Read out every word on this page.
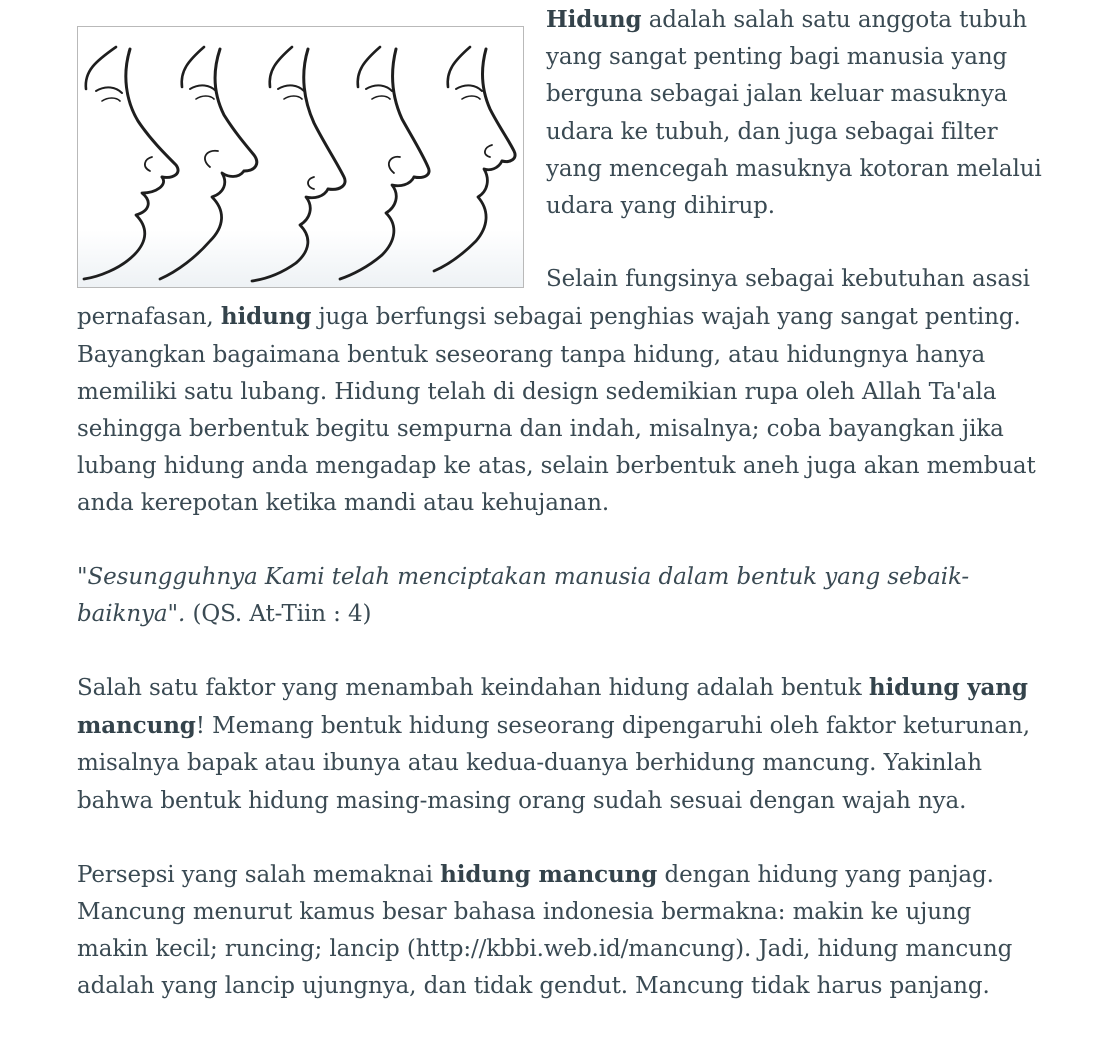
Hidung adalah salah satu anggota tubuh yang sangat penting bagi manusia yang berguna sebagai jalan keluar masuknya udara ke tubuh, dan juga sebagai filter yang mencegah masuknya kotoran melalui udara yang dihirup.

Selain fungsinya sebagai kebutuhan asasi pernafasan, hidung juga berfungsi sebagai penghias wajah yang sangat penting. Bayangkan bagaimana bentuk seseorang tanpa hidung, atau hidungnya hanya memiliki satu lubang. Hidung telah di design sedemikian rupa oleh Allah Ta'ala sehingga berbentuk begitu sempurna dan indah, misalnya; coba bayangkan jika lubang hidung anda mengadap ke atas, selain berbentuk aneh juga akan membuat anda kerepotan ketika mandi atau kehujanan.

"Sesungguhnya Kami telah menciptakan manusia dalam bentuk yang sebaik-baiknya". (QS. At-Tiin : 4)

Salah satu faktor yang menambah keindahan hidung adalah bentuk hidung yang mancung! Memang bentuk hidung seseorang dipengaruhi oleh faktor keturunan, misalnya bapak atau ibunya atau kedua-duanya berhidung mancung. Yakinlah bahwa bentuk hidung masing-masing orang sudah sesuai dengan wajah nya.

Persepsi yang salah memaknai hidung mancung dengan hidung yang panjag. Mancung menurut kamus besar bahasa indonesia bermakna: makin ke ujung makin kecil; runcing; lancip (http://kbbi.web.id/mancung). Jadi, hidung mancung adalah yang lancip ujungnya, dan tidak gendut. Mancung tidak harus panjang.
